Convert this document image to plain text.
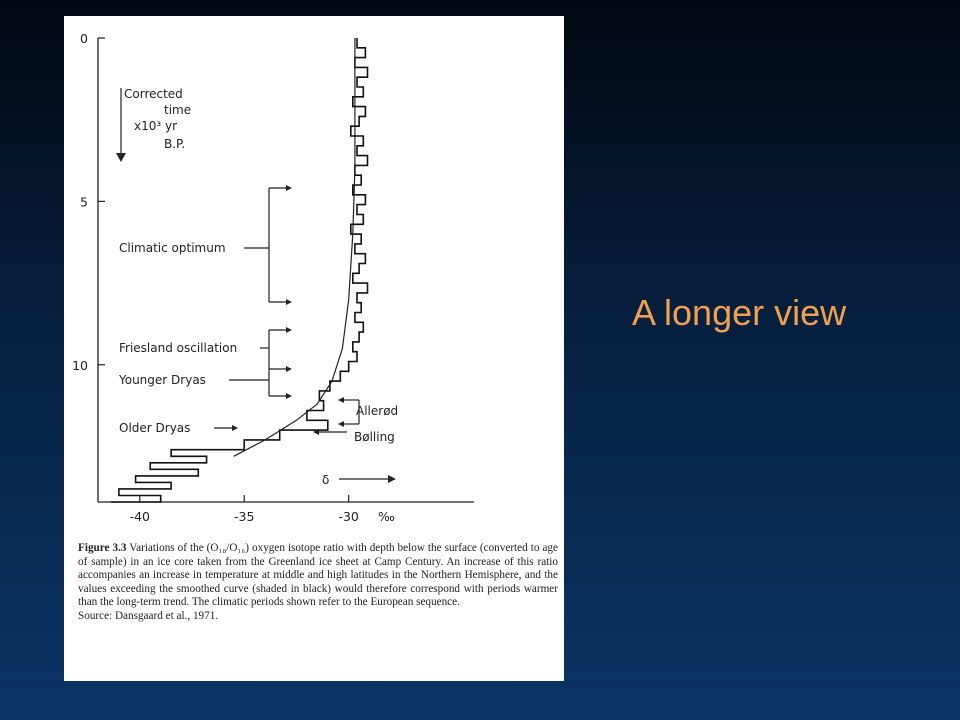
A longer view
Corrected
time
x10³ yr
B.P.
Climatic optimum
Friesland oscillation
Younger Dryas
Older Dryas
Allerød
Bølling
δ
‰
0
5
10
-40	-35	-30
Figure 3.3 Variations of the (O₁₈/O₁₆) oxygen isotope ratio with depth below the surface (converted to age of sample) in an ice core taken from the Greenland ice sheet at Camp Century. An increase of this ratio accompanies an increase in temperature at middle and high latitudes in the Northern Hemisphere, and the values exceeding the smoothed curve (shaded in black) would therefore correspond with periods warmer than the long-term trend. The climatic periods shown refer to the European sequence.
Source: Dansgaard et al., 1971.
